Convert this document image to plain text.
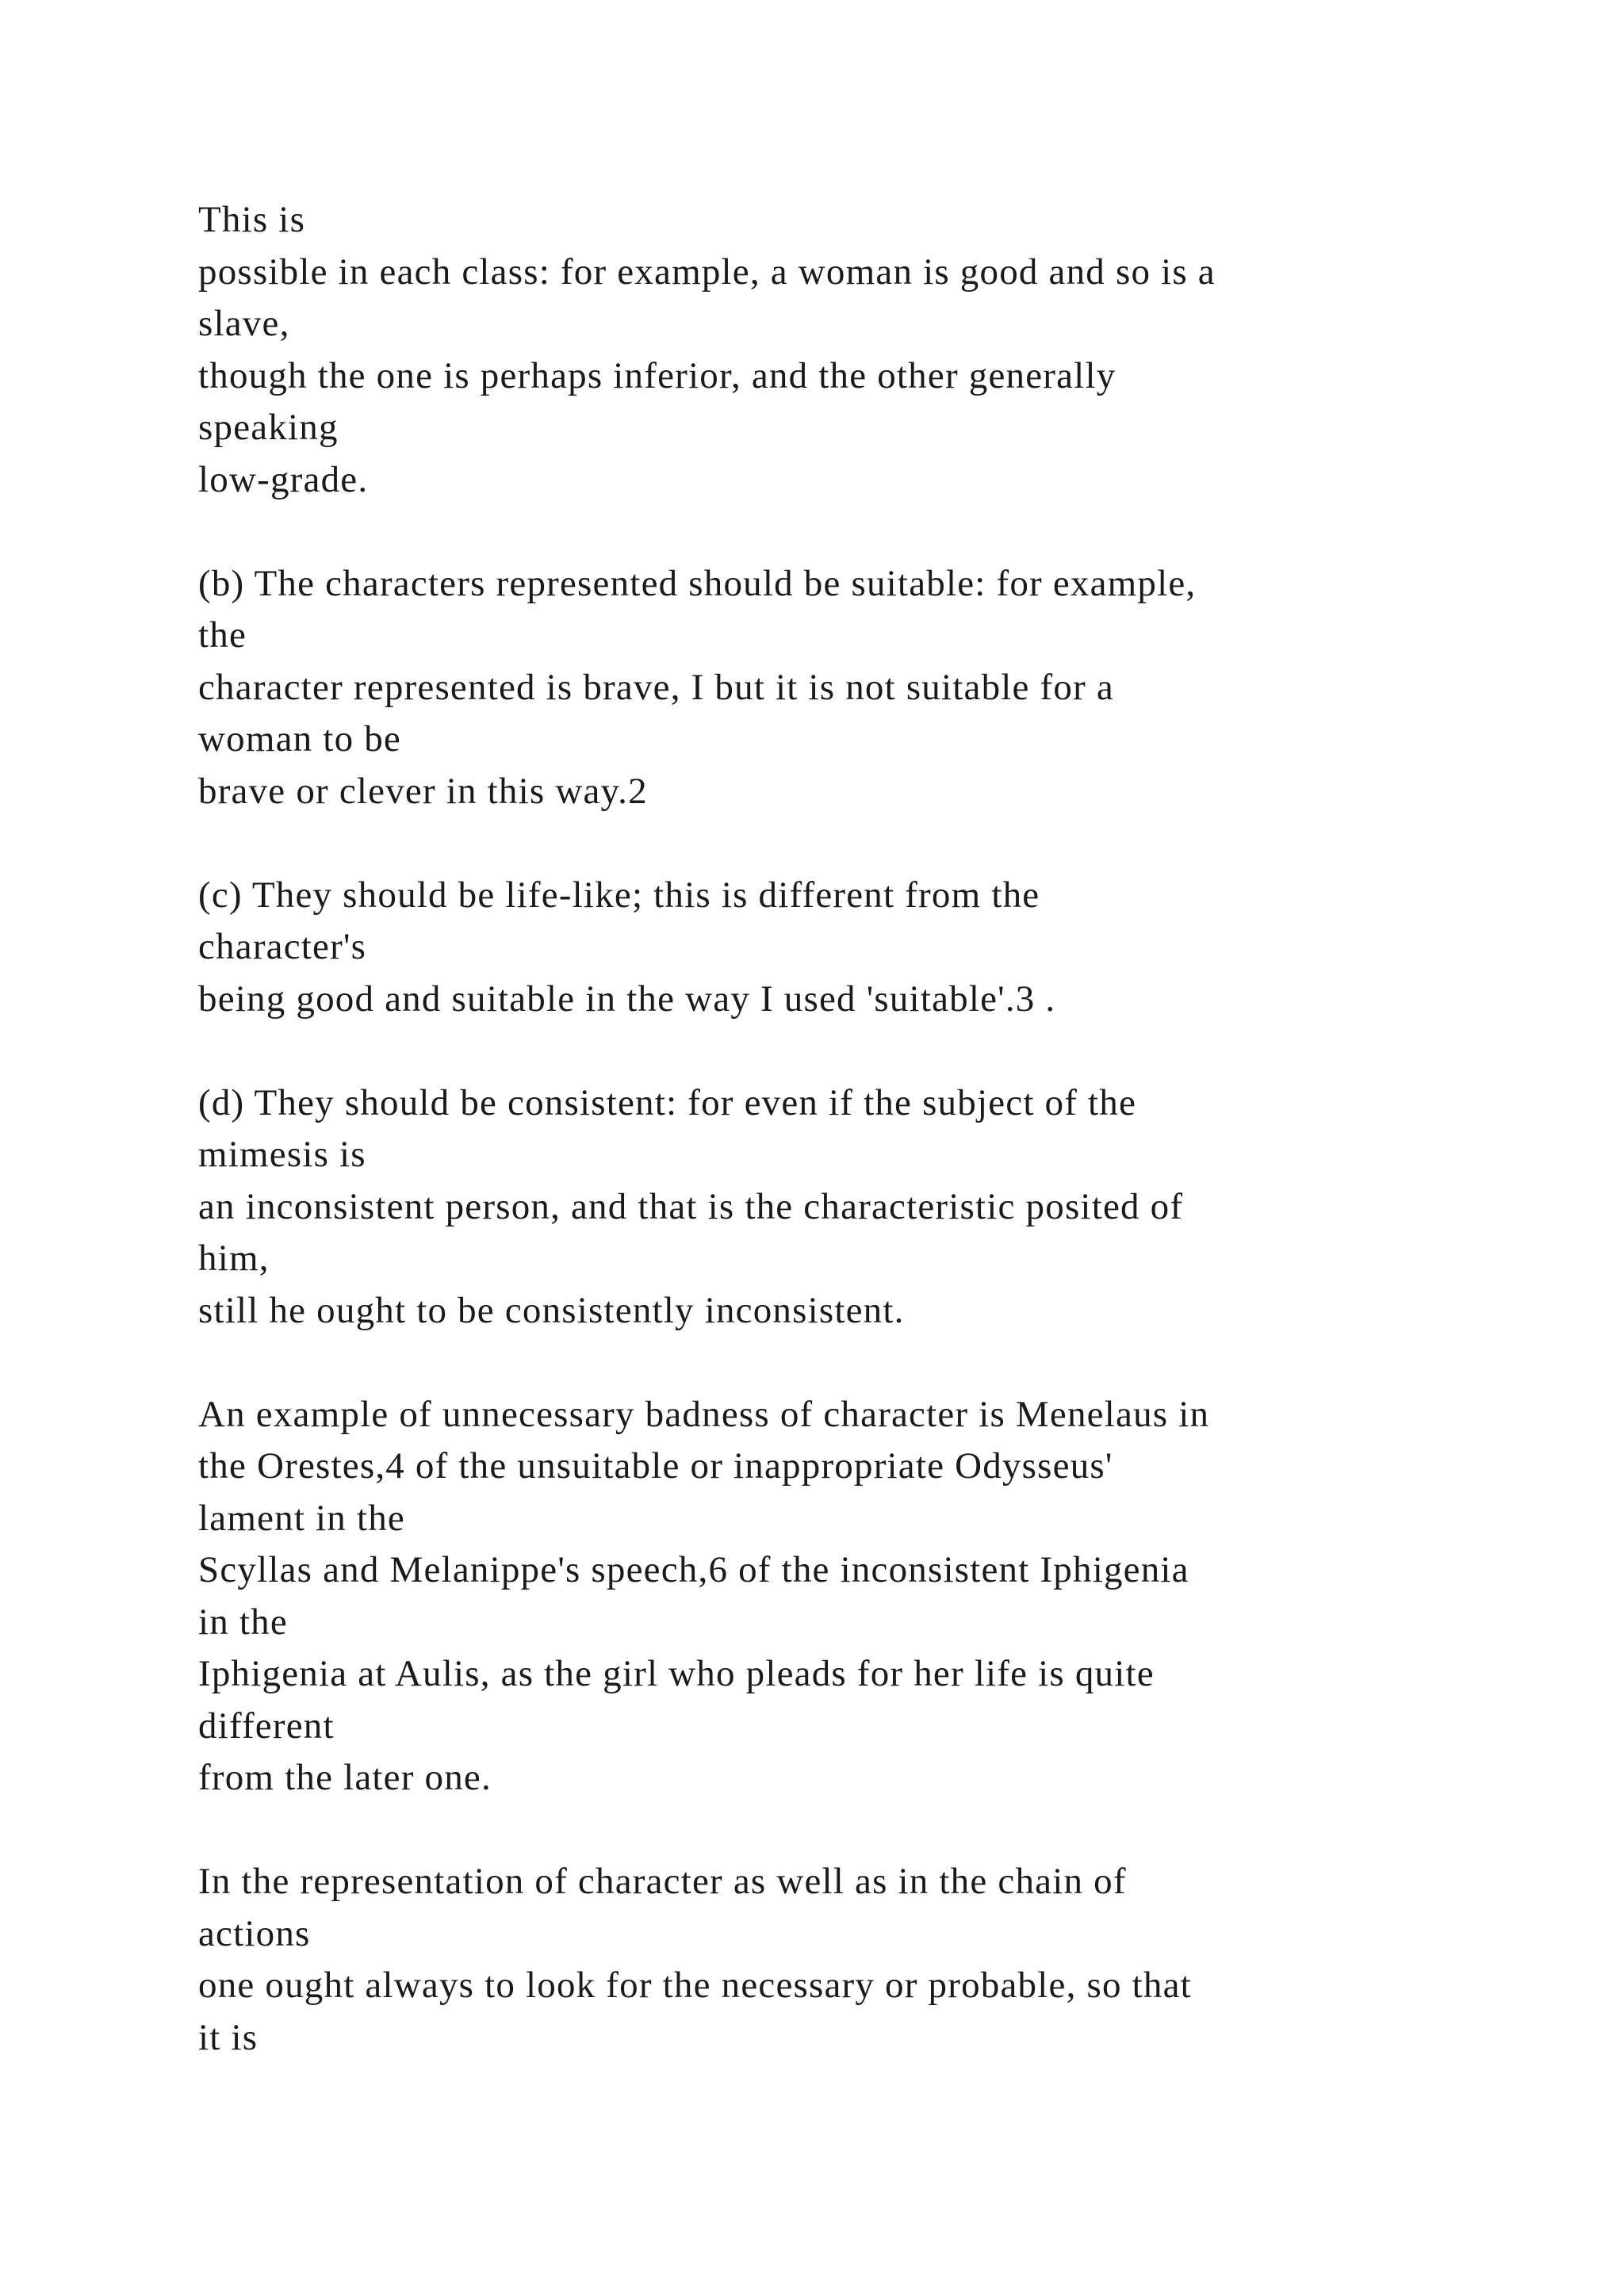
This is
possible in each class: for example, a woman is good and so is a
slave,
though the one is perhaps inferior, and the other generally
speaking
low-grade.
(b) The characters represented should be suitable: for example,
the
character represented is brave, I but it is not suitable for a
woman to be
brave or clever in this way.2
(c) They should be life-like; this is different from the
character's
being good and suitable in the way I used 'suitable'.3 .
(d) They should be consistent: for even if the subject of the
mimesis is
an inconsistent person, and that is the characteristic posited of
him,
still he ought to be consistently inconsistent.
An example of unnecessary badness of character is Menelaus in
the Orestes,4 of the unsuitable or inappropriate Odysseus'
lament in the
Scyllas and Melanippe's speech,6 of the inconsistent Iphigenia
in the
Iphigenia at Aulis, as the girl who pleads for her life is quite
different
from the later one.
In the representation of character as well as in the chain of
actions
one ought always to look for the necessary or probable, so that
it is
